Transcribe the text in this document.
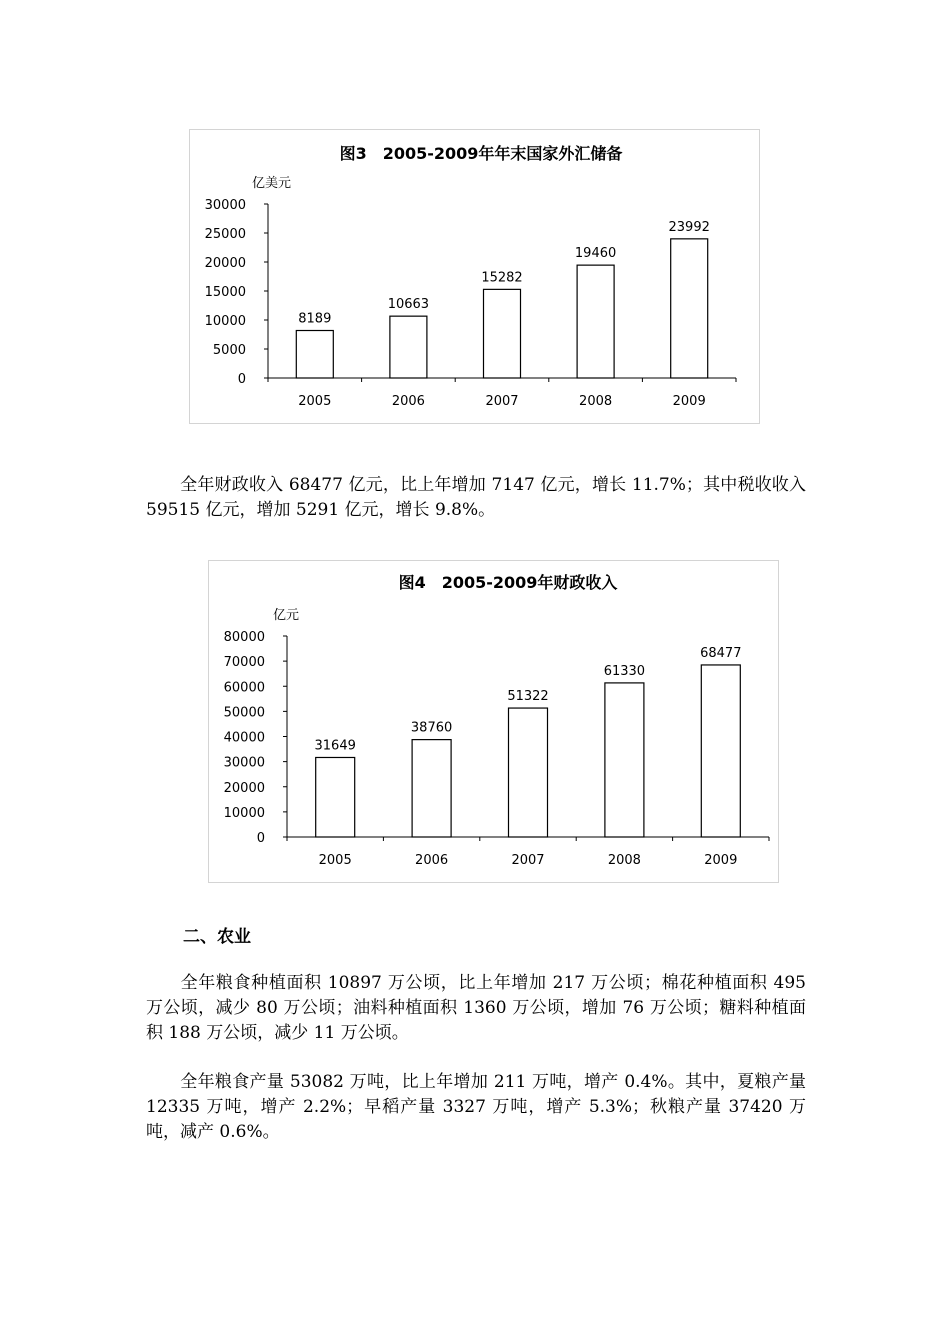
图3　2005-2009年年末国家外汇储备
亿美元
0
5000
10000
15000
20000
25000
30000
8189
2005
10663
2006
15282
2007
19460
2008
23992
2009

全年财政收入 68477 亿元，比上年增加 7147 亿元，增长 11.7%；其中税收收入 59515 亿元，增加 5291 亿元，增长 9.8%。

图4　2005-2009年财政收入
亿元
0
10000
20000
30000
40000
50000
60000
70000
80000
31649
2005
38760
2006
51322
2007
61330
2008
68477
2009
二、农业

全年粮食种植面积 10897 万公顷，比上年增加 217 万公顷；棉花种植面积 495 万公顷，减少 80 万公顷；油料种植面积 1360 万公顷，增加 76 万公顷；糖料种植面积 188 万公顷，减少 11 万公顷。

全年粮食产量 53082 万吨，比上年增加 211 万吨，增产 0.4%。其中，夏粮产量 12335 万吨，增产 2.2%；早稻产量 3327 万吨，增产 5.3%；秋粮产量 37420 万吨，减产 0.6%。
